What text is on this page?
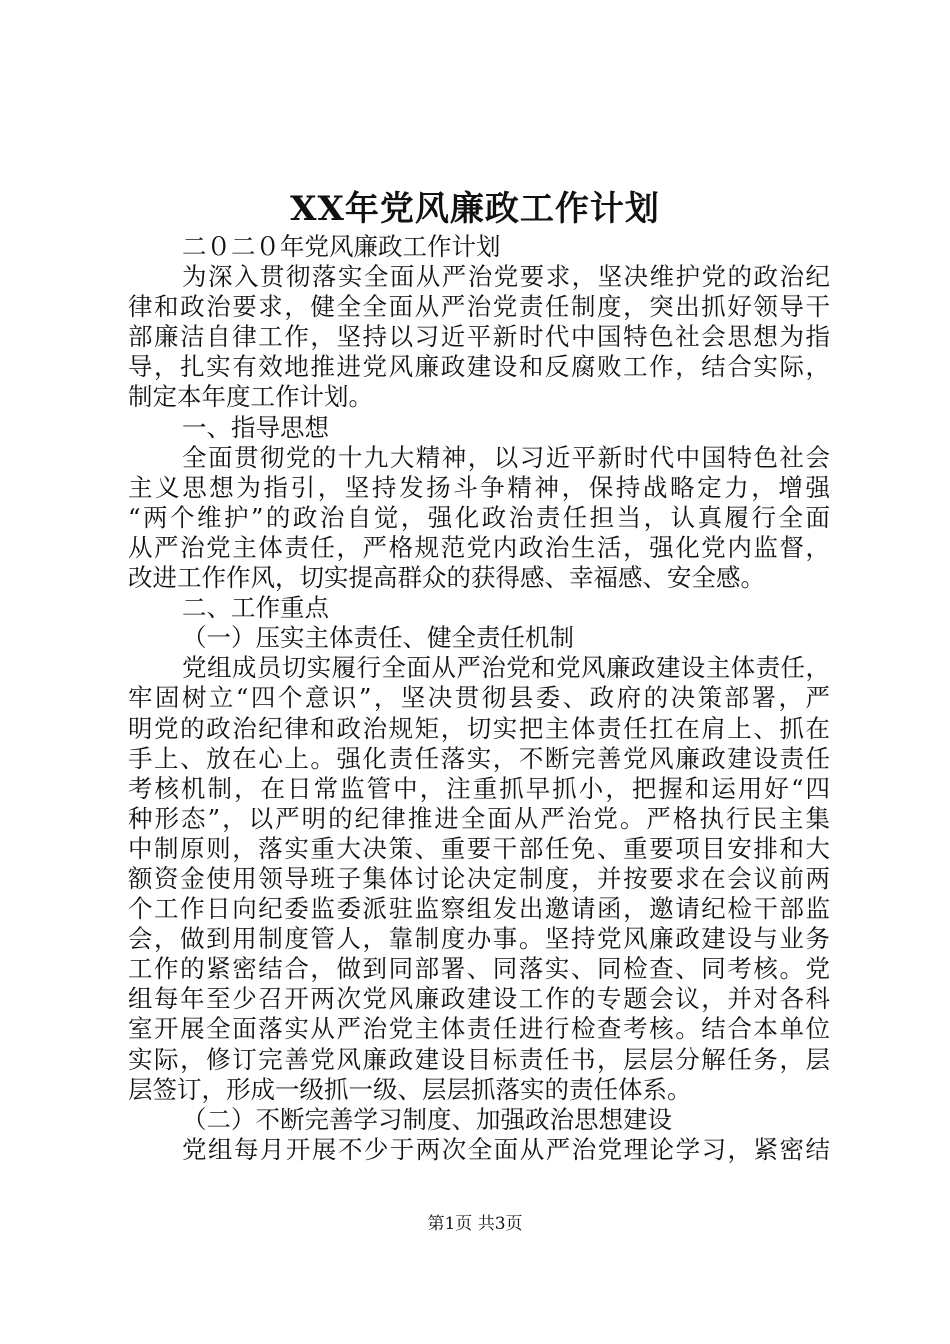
XX年党风廉政工作计划
二０二０年党风廉政工作计划
为深入贯彻落实全面从严治党要求，坚决维护党的政治纪
律和政治要求，健全全面从严治党责任制度，突出抓好领导干
部廉洁自律工作，坚持以习近平新时代中国特色社会思想为指
导，扎实有效地推进党风廉政建设和反腐败工作，结合实际，
制定本年度工作计划。
一、指导思想
全面贯彻党的十九大精神，以习近平新时代中国特色社会
主义思想为指引，坚持发扬斗争精神，保持战略定力，增强
“两个维护”的政治自觉，强化政治责任担当，认真履行全面
从严治党主体责任，严格规范党内政治生活，强化党内监督，
改进工作作风，切实提高群众的获得感、幸福感、安全感。
二、工作重点
（一）压实主体责任、健全责任机制
党组成员切实履行全面从严治党和党风廉政建设主体责任，
牢固树立“四个意识”，坚决贯彻县委、政府的决策部署，严
明党的政治纪律和政治规矩，切实把主体责任扛在肩上、抓在
手上、放在心上。强化责任落实，不断完善党风廉政建设责任
考核机制，在日常监管中，注重抓早抓小，把握和运用好“四
种形态”，以严明的纪律推进全面从严治党。严格执行民主集
中制原则，落实重大决策、重要干部任免、重要项目安排和大
额资金使用领导班子集体讨论决定制度，并按要求在会议前两
个工作日向纪委监委派驻监察组发出邀请函，邀请纪检干部监
会，做到用制度管人，靠制度办事。坚持党风廉政建设与业务
工作的紧密结合，做到同部署、同落实、同检查、同考核。党
组每年至少召开两次党风廉政建设工作的专题会议，并对各科
室开展全面落实从严治党主体责任进行检查考核。结合本单位
实际，修订完善党风廉政建设目标责任书，层层分解任务，层
层签订，形成一级抓一级、层层抓落实的责任体系。
（二）不断完善学习制度、加强政治思想建设
党组每月开展不少于两次全面从严治党理论学习，紧密结
第1页 共3页
